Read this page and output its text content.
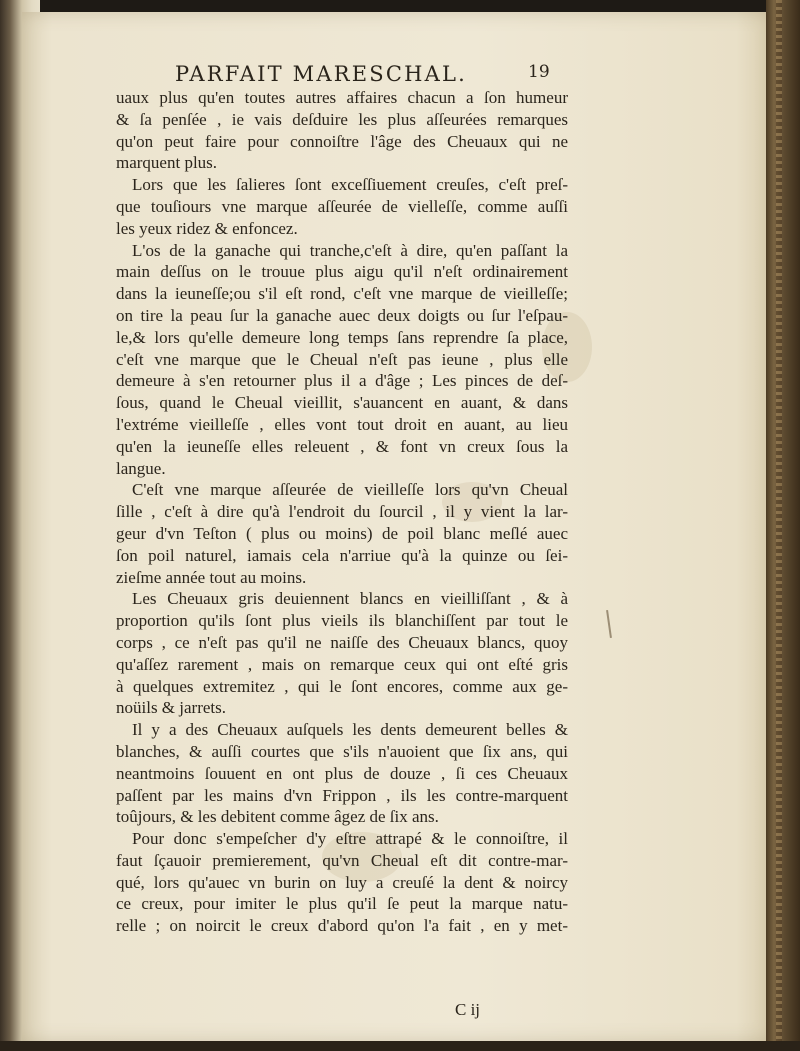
PARFAIT MARESCHAL.	19
uaux plus qu'en toutes autres affaires chacun a ſon humeur
& ſa penſée , ie vais deſduire les plus aſſeurées remarques
qu'on peut faire pour connoiſtre l'âge des Cheuaux qui ne
marquent plus.
Lors que les ſalieres ſont exceſſiuement creuſes, c'eſt preſ-
que touſiours vne marque aſſeurée de vielleſſe, comme auſſi
les yeux ridez & enfoncez.
L'os de la ganache qui tranche,c'eſt à dire, qu'en paſſant la
main deſſus on le trouue plus aigu qu'il n'eſt ordinairement
dans la ieuneſſe;ou s'il eſt rond, c'eſt vne marque de vieilleſſe;
on tire la peau ſur la ganache auec deux doigts ou ſur l'eſpau-
le,& lors qu'elle demeure long temps ſans reprendre ſa place,
c'eſt vne marque que le Cheual n'eſt pas ieune , plus elle
demeure à s'en retourner plus il a d'âge ; Les pinces de deſ-
ſous, quand le Cheual vieillit, s'auancent en auant, & dans
l'extréme vieilleſſe , elles vont tout droit en auant, au lieu
qu'en la ieuneſſe elles releuent , & font vn creux ſous la
langue.
C'eſt vne marque aſſeurée de vieilleſſe lors qu'vn Cheual
ſille , c'eſt à dire qu'à l'endroit du ſourcil , il y vient la lar-
geur d'vn Teſton ( plus ou moins) de poil blanc meſlé auec
ſon poil naturel, iamais cela n'arriue qu'à la quinze ou ſei-
zieſme année tout au moins.
Les Cheuaux gris deuiennent blancs en vieilliſſant , & à
proportion qu'ils ſont plus vieils ils blanchiſſent par tout le
corps , ce n'eſt pas qu'il ne naiſſe des Cheuaux blancs, quoy
qu'aſſez rarement , mais on remarque ceux qui ont eſté gris
à quelques extremitez , qui le ſont encores, comme aux ge-
noüils & jarrets.
Il y a des Cheuaux auſquels les dents demeurent belles &
blanches, & auſſi courtes que s'ils n'auoient que ſix ans, qui
neantmoins ſouuent en ont plus de douze , ſi ces Cheuaux
paſſent par les mains d'vn Frippon , ils les contre-marquent
toûjours, & les debitent comme âgez de ſix ans.
Pour donc s'empeſcher d'y eſtre attrapé & le connoiſtre, il
faut ſçauoir premierement, qu'vn Cheual eſt dit contre-mar-
qué, lors qu'auec vn burin on luy a creuſé la dent & noircy
ce creux, pour imiter le plus qu'il ſe peut la marque natu-
relle ; on noircit le creux d'abord qu'on l'a fait , en y met-
C ij
